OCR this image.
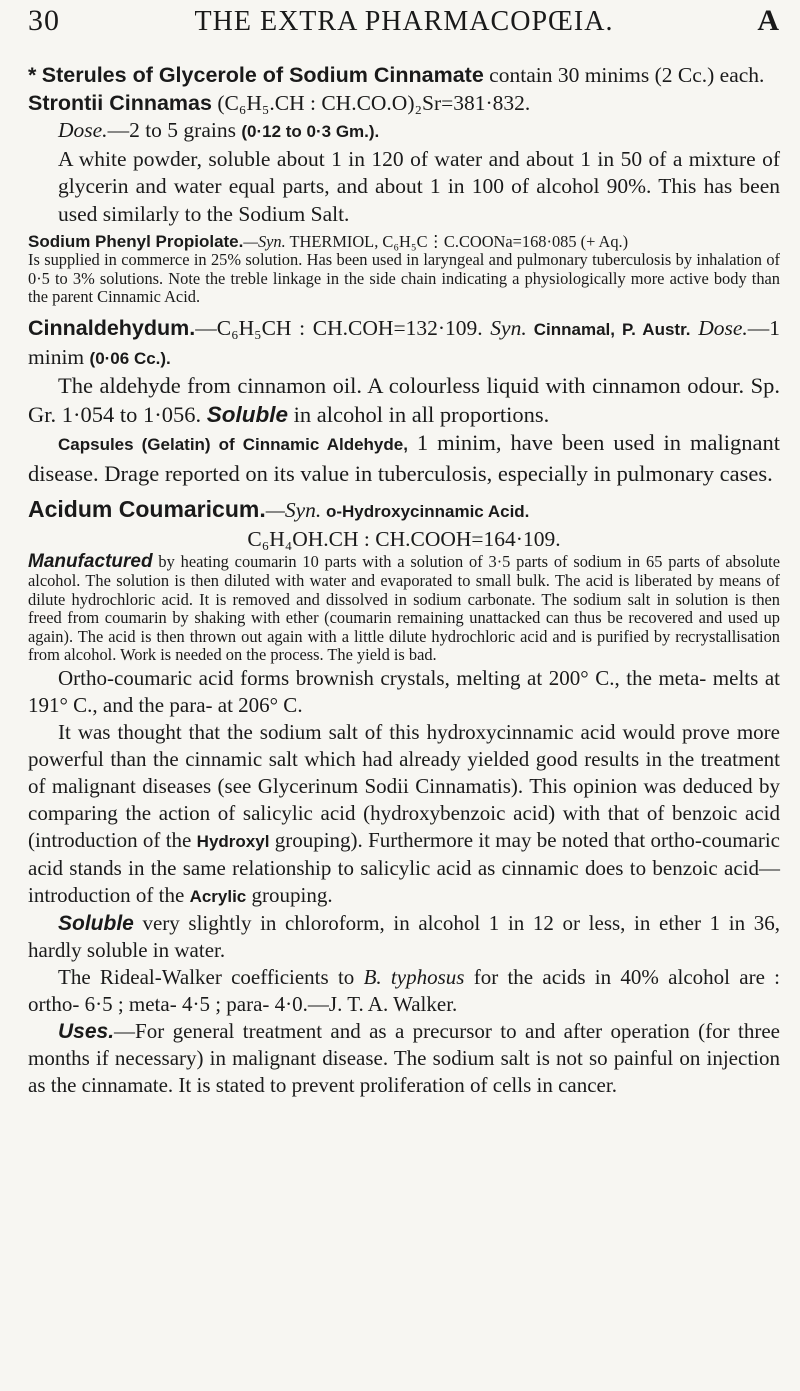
30	THE EXTRA PHARMACOPŒIA.	A

* Sterules of Glycerole of Sodium Cinnamate contain 30 minims (2 Cc.) each.

Strontii Cinnamas (C₆H₅.CH : CH.CO.O)₂Sr=381·832.

Dose.—2 to 5 grains (0·12 to 0·3 Gm.).

A white powder, soluble about 1 in 120 of water and about 1 in 50 of a mixture of glycerin and water equal parts, and about 1 in 100 of alcohol 90%. This has been used similarly to the Sodium Salt.

Sodium Phenyl Propiolate.—Syn. THERMIOL, C₆H₅C⋮C.COONa=168·085 (+ Aq.)

Is supplied in commerce in 25% solution. Has been used in laryngeal and pulmonary tuberculosis by inhalation of 0·5 to 3% solutions. Note the treble linkage in the side chain indicating a physiologically more active body than the parent Cinnamic Acid.

Cinnaldehydum.—C₆H₅CH : CH.COH=132·109. Syn. Cinnamal, P. Austr. Dose.—1 minim (0·06 Cc.).

The aldehyde from cinnamon oil. A colourless liquid with cinnamon odour. Sp. Gr. 1·054 to 1·056. Soluble in alcohol in all proportions.

Capsules (Gelatin) of Cinnamic Aldehyde, 1 minim, have been used in malignant disease. Drage reported on its value in tuberculosis, especially in pulmonary cases.

Acidum Coumaricum.—Syn. o-Hydroxycinnamic Acid.

C₆H₄OH.CH : CH.COOH=164·109.

Manufactured by heating coumarin 10 parts with a solution of 3·5 parts of sodium in 65 parts of absolute alcohol. The solution is then diluted with water and evaporated to small bulk. The acid is liberated by means of dilute hydrochloric acid. It is removed and dissolved in sodium carbonate. The sodium salt in solution is then freed from coumarin by shaking with ether (coumarin remaining unattacked can thus be recovered and used up again). The acid is then thrown out again with a little dilute hydrochloric acid and is purified by recrystallisation from alcohol. Work is needed on the process. The yield is bad.

Ortho-coumaric acid forms brownish crystals, melting at 200° C., the meta- melts at 191° C., and the para- at 206° C.

It was thought that the sodium salt of this hydroxycinnamic acid would prove more powerful than the cinnamic salt which had already yielded good results in the treatment of malignant diseases (see Glycerinum Sodii Cinnamatis). This opinion was deduced by comparing the action of salicylic acid (hydroxybenzoic acid) with that of benzoic acid (introduction of the Hydroxyl grouping). Furthermore it may be noted that ortho-coumaric acid stands in the same relationship to salicylic acid as cinnamic does to benzoic acid—introduction of the Acrylic grouping.

Soluble very slightly in chloroform, in alcohol 1 in 12 or less, in ether 1 in 36, hardly soluble in water.

The Rideal-Walker coefficients to B. typhosus for the acids in 40% alcohol are : ortho- 6·5 ; meta- 4·5 ; para- 4·0.—J. T. A. Walker.

Uses.—For general treatment and as a precursor to and after operation (for three months if necessary) in malignant disease. The sodium salt is not so painful on injection as the cinnamate. It is stated to prevent proliferation of cells in cancer.
